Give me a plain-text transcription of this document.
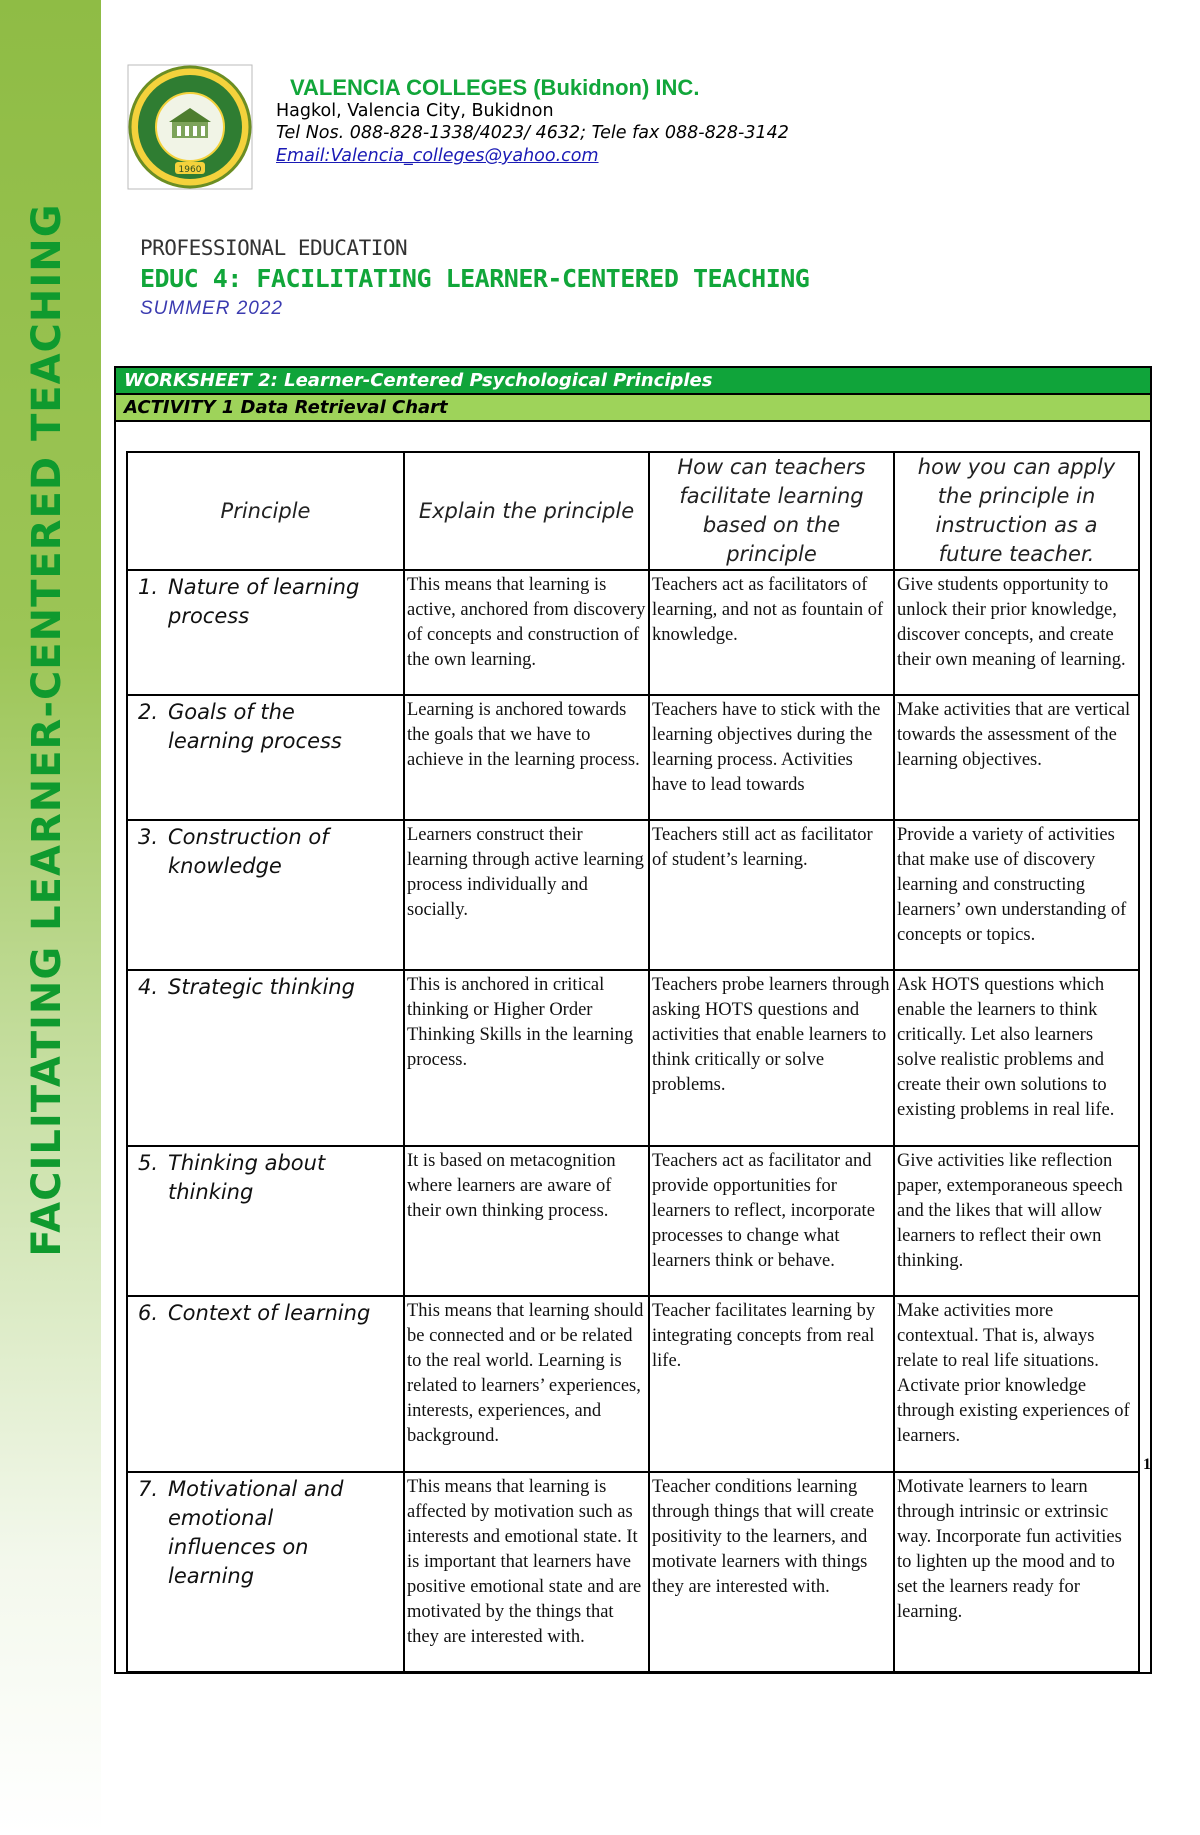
FACILITATING LEARNER-CENTERED TEACHING
1960
VALENCIA COLLEGES (Bukidnon) INC.
Hagkol, Valencia City, Bukidnon
Tel Nos. 088-828-1338/4023/ 4632; Tele fax 088-828-3142
Email:Valencia_colleges@yahoo.com
PROFESSIONAL EDUCATION
EDUC 4: FACILITATING LEARNER-CENTERED TEACHING
SUMMER 2022
WORKSHEET 2: Learner-Centered Psychological Principles
ACTIVITY 1 Data Retrieval Chart
Principle	Explain the principle	How can teachers facilitate learning based on the principle	how you can apply the principle in instruction as a future teacher.
1. Nature of learning process	This means that learning is active, anchored from discovery of concepts and construction of the own learning.	Teachers act as facilitators of learning, and not as fountain of knowledge.	Give students opportunity to unlock their prior knowledge, discover concepts, and create their own meaning of learning.
2. Goals of the learning process	Learning is anchored towards the goals that we have to achieve in the learning process.	Teachers have to stick with the learning objectives during the learning process. Activities have to lead towards	Make activities that are vertical towards the assessment of the learning objectives.
3. Construction of knowledge	Learners construct their learning through active learning process individually and socially.	Teachers still act as facilitator of student’s learning.	Provide a variety of activities that make use of discovery learning and constructing learners’ own understanding of concepts or topics.
4. Strategic thinking	This is anchored in critical thinking or Higher Order Thinking Skills in the learning process.	Teachers probe learners through asking HOTS questions and activities that enable learners to think critically or solve problems.	Ask HOTS questions which enable the learners to think critically. Let also learners solve realistic problems and create their own solutions to existing problems in real life.
5. Thinking about thinking	It is based on metacognition where learners are aware of their own thinking process.	Teachers act as facilitator and provide opportunities for learners to reflect, incorporate processes to change what learners think or behave.	Give activities like reflection paper, extemporaneous speech and the likes that will allow learners to reflect their own thinking.
6. Context of learning	This means that learning should be connected and or be related to the real world. Learning is related to learners’ experiences, interests, experiences, and background.	Teacher facilitates learning by integrating concepts from real life.	Make activities more contextual. That is, always relate to real life situations. Activate prior knowledge through existing experiences of learners.
7. Motivational and emotional influences on learning	This means that learning is affected by motivation such as interests and emotional state. It is important that learners have positive emotional state and are motivated by the things that they are interested with.	Teacher conditions learning through things that will create positivity to the learners, and motivate learners with things they are interested with.	Motivate learners to learn through intrinsic or extrinsic way. Incorporate fun activities to lighten up the mood and to set the learners ready for learning.
1
